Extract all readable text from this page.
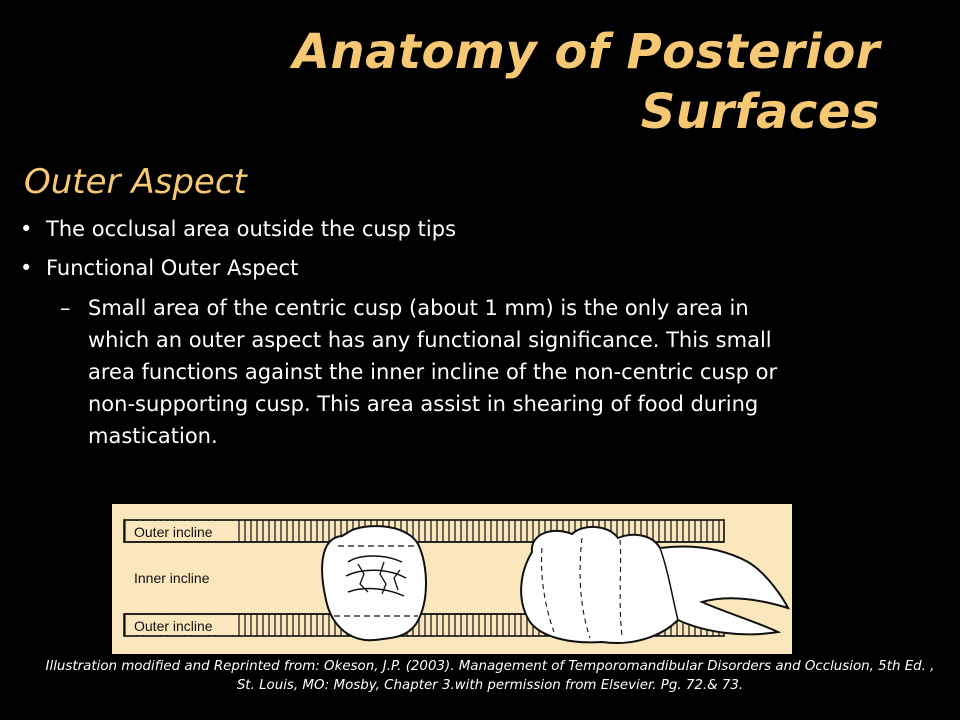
Anatomy of Posterior Surfaces
Outer Aspect
• The occlusal area outside the cusp tips
• Functional Outer Aspect
– Small area of the centric cusp (about 1 mm) is the only area in which an outer aspect has any functional significance. This small area functions against the inner incline of the non-centric cusp or non-supporting cusp. This area assist in shearing of food during mastication.
Outer incline
Inner incline
Outer incline
Illustration modified and Reprinted from: Okeson, J.P. (2003). Management of Temporomandibular Disorders and Occlusion, 5th Ed. , St. Louis, MO: Mosby, Chapter 3.with permission from Elsevier. Pg. 72.& 73.
